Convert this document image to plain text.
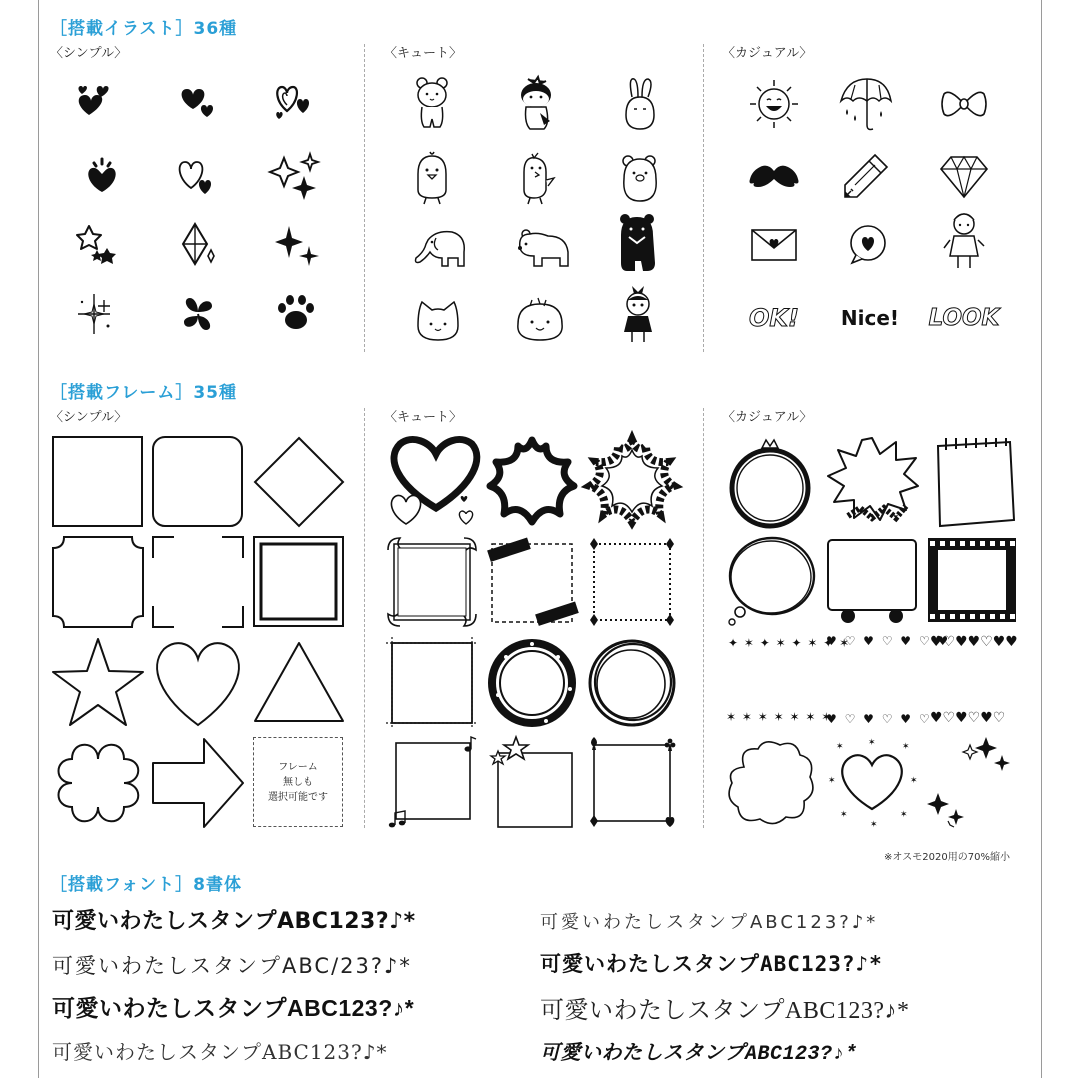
［搭載イラスト］36種
〈シンプル〉	〈キュート〉	〈カジュアル〉
OK! Nice! LOOK
［搭載フレーム］35種
〈シンプル〉	〈キュート〉	〈カジュアル〉
フレーム
無しも
選択可能です
✦ ✶ ✦ ✶ ✦ ✶ ✦ ✶
♥ ♡ ♥ ♡ ♥ ♡ ♥
♥♡♥♥♡♥♥
✶ ✶ ✶ ✶ ✶ ✶ ✶
♥ ♡ ♥ ♡ ♥ ♡
♥♡♥♡♥♡
✶	✶	✶
✶	✶
✶
✶
✶
※オスモ2020用の70%縮小
［搭載フォント］8書体
可愛いわたしスタンプABC123?♪*
可愛いわたしスタンプABC/23?♪*
可愛いわたしスタンプABC123?♪*
可愛いわたしスタンプABC123?♪*
可愛いわたしスタンプABC123?♪*
可愛いわたしスタンプABC123?♪*
可愛いわたしスタンプABC123?♪*
可愛いわたしスタンプABC123?♪*
